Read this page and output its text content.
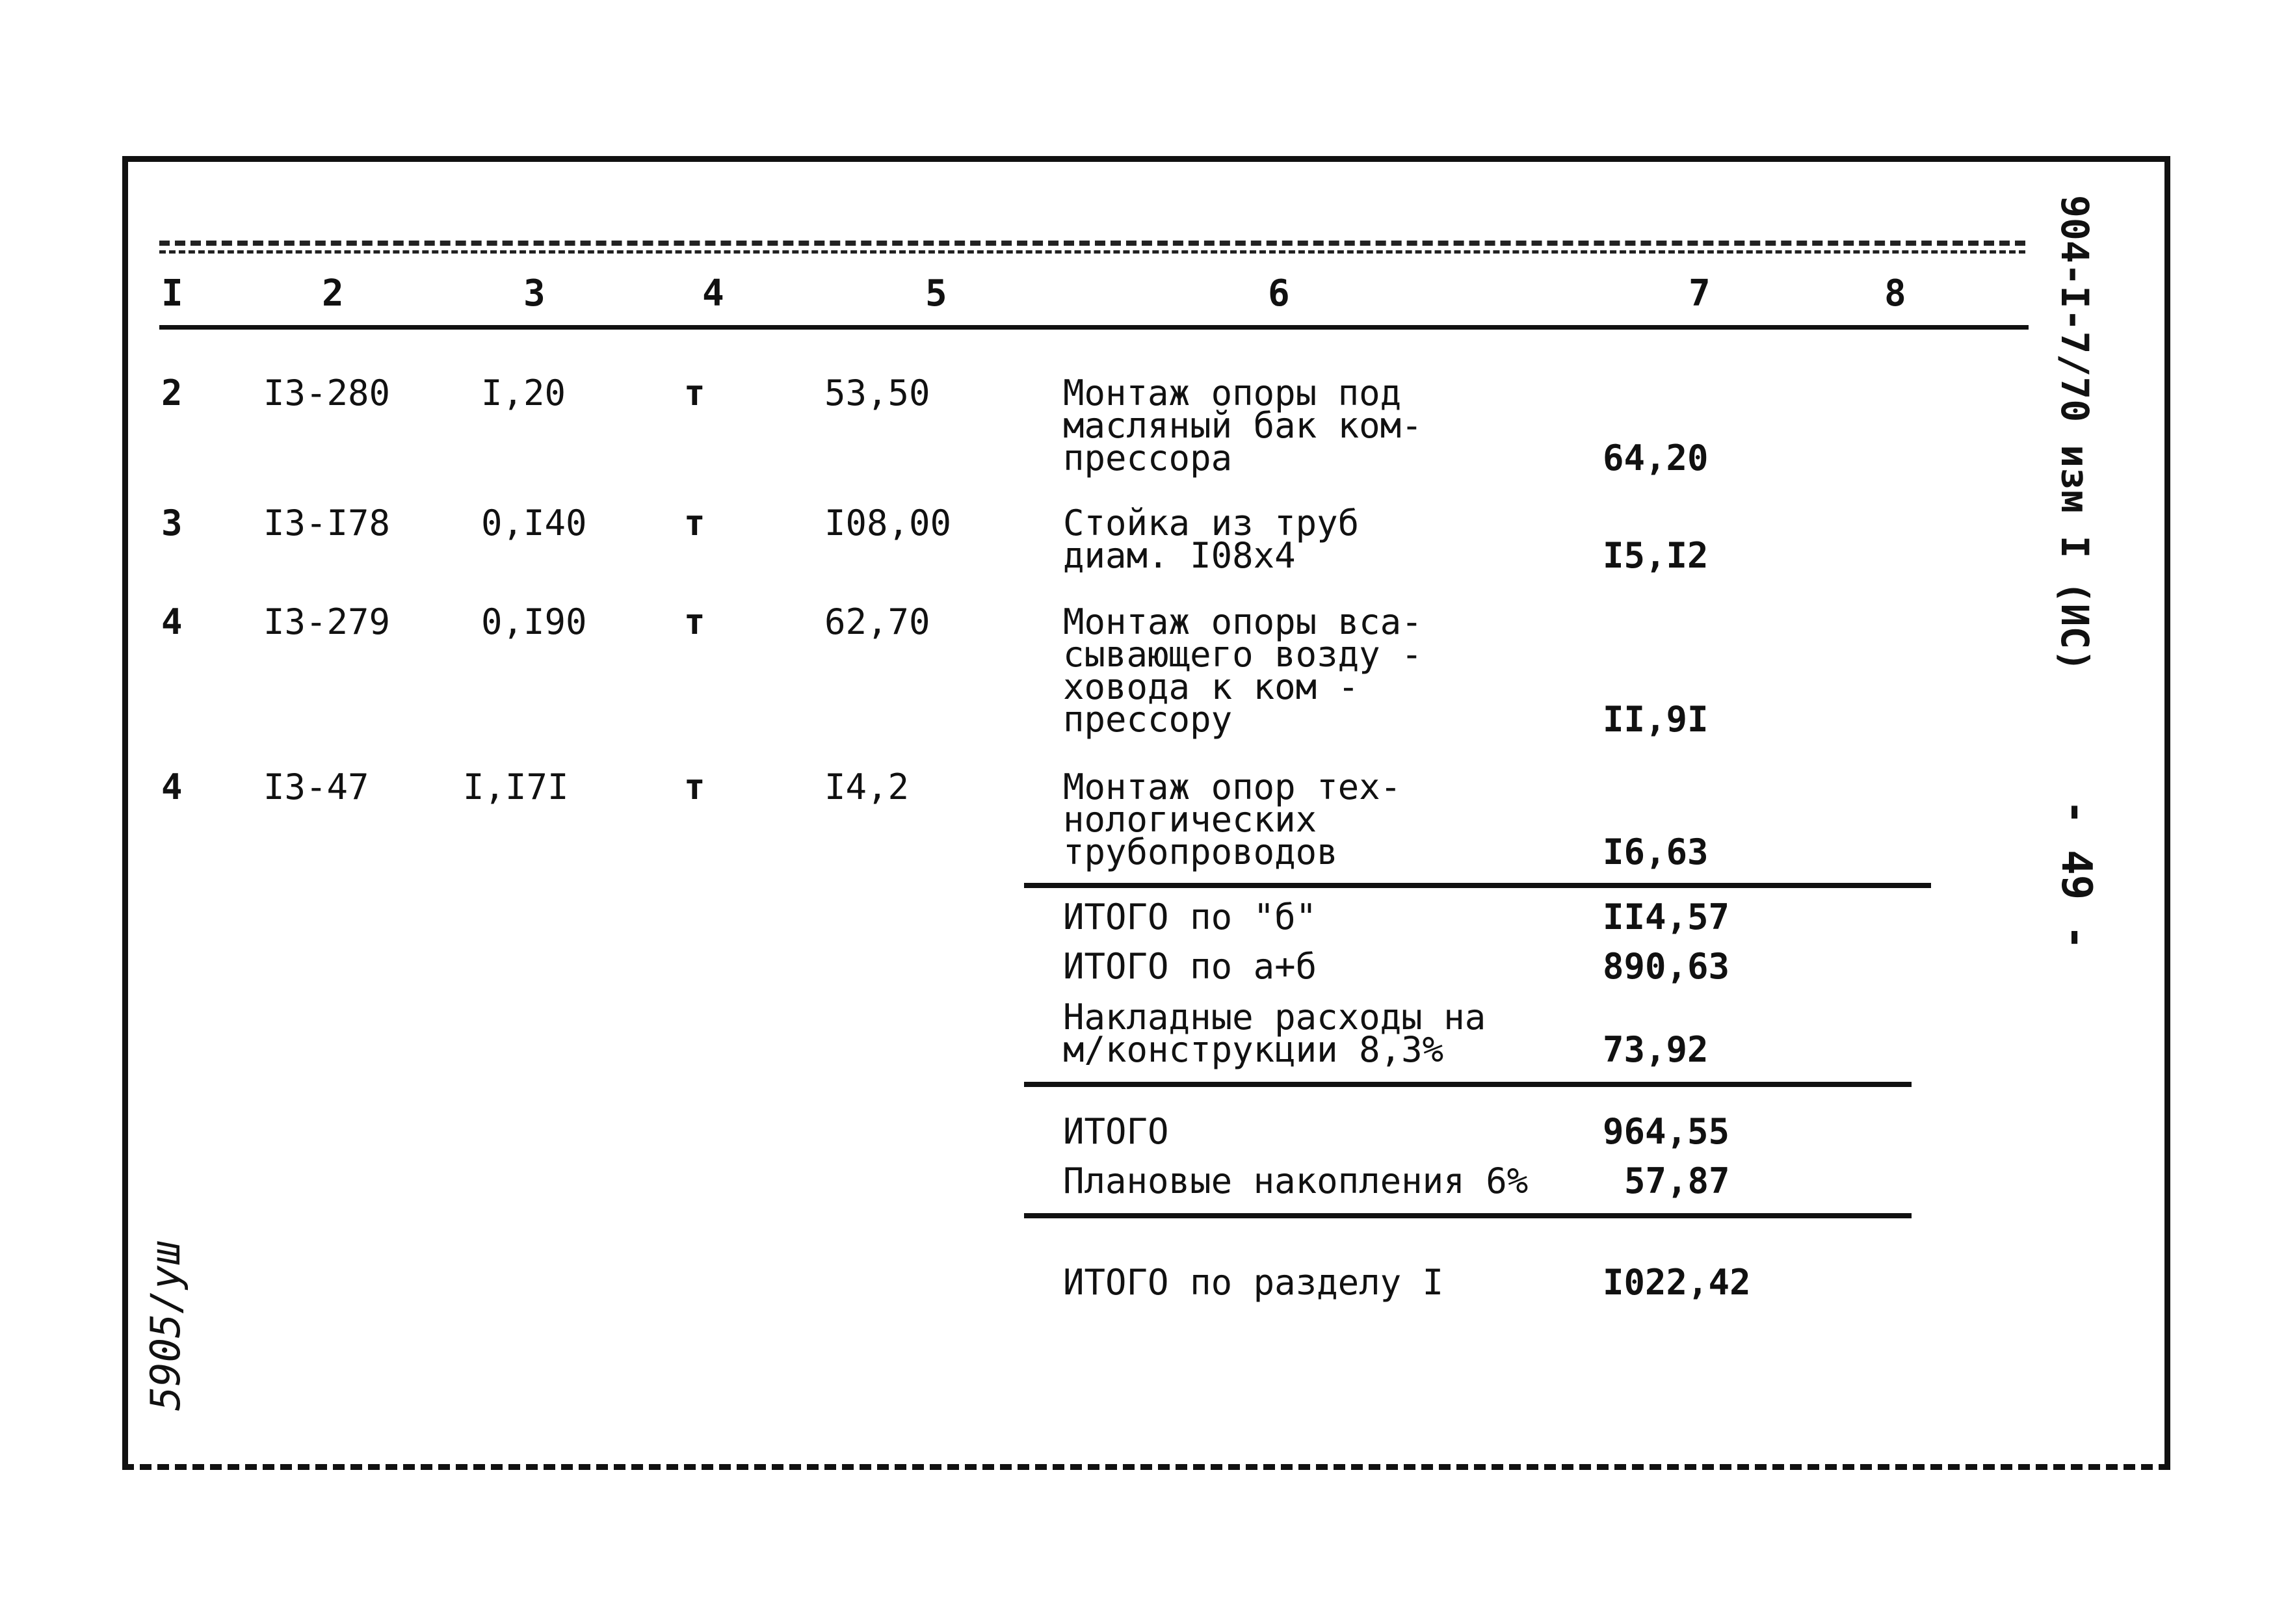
I	2	3	4	5	6	7	8
2 I3-280	I,20	т	53,50	Монтаж опоры под
масляный бак ком-
прессора	64,20
3 I3-I78	0,I40	т	I08,00	Стойка из труб
диам. I08x4	I5,I2
4 I3-279	0,I90	т	62,70	Монтаж опоры вса-
сывающего возду -
ховода к ком -
прессору	II,9I
4 I3-47	I,I7I	т	I4,2	Монтаж опор тех-
нологических
трубопроводов	I6,63
ИТОГО по "б"	II4,57
ИТОГО по а+б	890,63
Накладные расходы на
м/конструкции 8,3%	73,92
ИТОГО	964,55
Плановые накопления 6%	57,87
ИТОГО по разделу I	I022,42
904-I-7/70 изм I (ИС)
- 49 -
5905/уш
